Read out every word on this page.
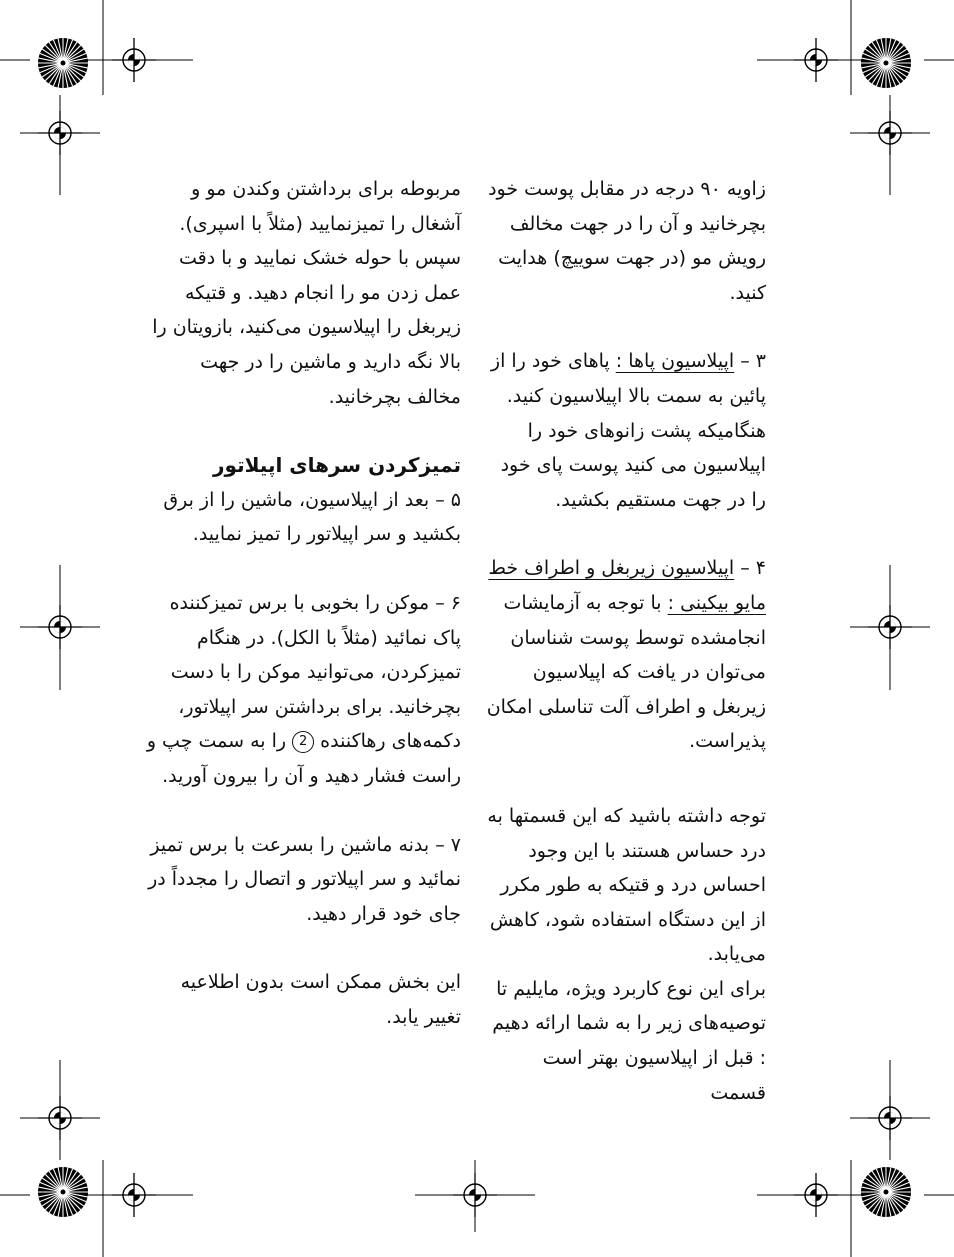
زاویه ۹۰ درجه در مقابل پوست خود بچرخانید و آن را در جهت مخالف رویش مو (در جهت سوییچ) هدایت کنید.

۳ – اپیلاسیون پاها : پاهای خود را از پائین به سمت بالا اپیلاسیون کنید. هنگامیکه پشت زانوهای خود را اپیلاسیون می کنید پوست پای خود را در جهت مستقیم بکشید.

۴ – اپیلاسیون زیربغل و اطراف خط مایو بیکینی : با توجه به آزمایشات انجامشده توسط پوست شناسان می‌توان در یافت که اپیلاسیون زیربغل و اطراف آلت تناسلی امکان پذیراست.

توجه داشته باشید که این قسمتها به درد حساس هستند با این وجود احساس درد و قتیکه به طور مکرر از این دستگاه استفاده شود، کاهش می‌یابد.

برای این نوع کاربرد ویژه، مایلیم تا توصیه‌های زیر را به شما ارائه دهیم : قبل از اپیلاسیون بهتر است قسمت

مربوطه برای برداشتن وکندن مو و آشغال را تمیزنمایید (مثلاً با اسپری). سپس با حوله خشک نمایید و با دقت عمل زدن مو را انجام دهید. و قتیکه زیربغل را اپیلاسیون می‌کنید، بازویتان را بالا نگه دارید و ماشین را در جهت مخالف بچرخانید.

تمیزکردن سرهای اپیلاتور

۵ – بعد از اپیلاسیون، ماشین را از برق بکشید و سر اپیلاتور را تمیز نمایید.

۶ – موکن را بخوبی با برس تمیزکننده پاک نمائید (مثلاً با الکل). در هنگام تمیزکردن، می‌توانید موکن را با دست بچرخانید. برای برداشتن سر اپیلاتور، دکمه‌های رهاکننده 2 را به سمت چپ و راست فشار دهید و آن را بیرون آورید.

۷ – بدنه ماشین را بسرعت با برس تمیز نمائید و سر اپیلاتور و اتصال را مجدداً در جای خود قرار دهید.

این بخش ممکن است بدون اطلاعیه تغییر یابد.
